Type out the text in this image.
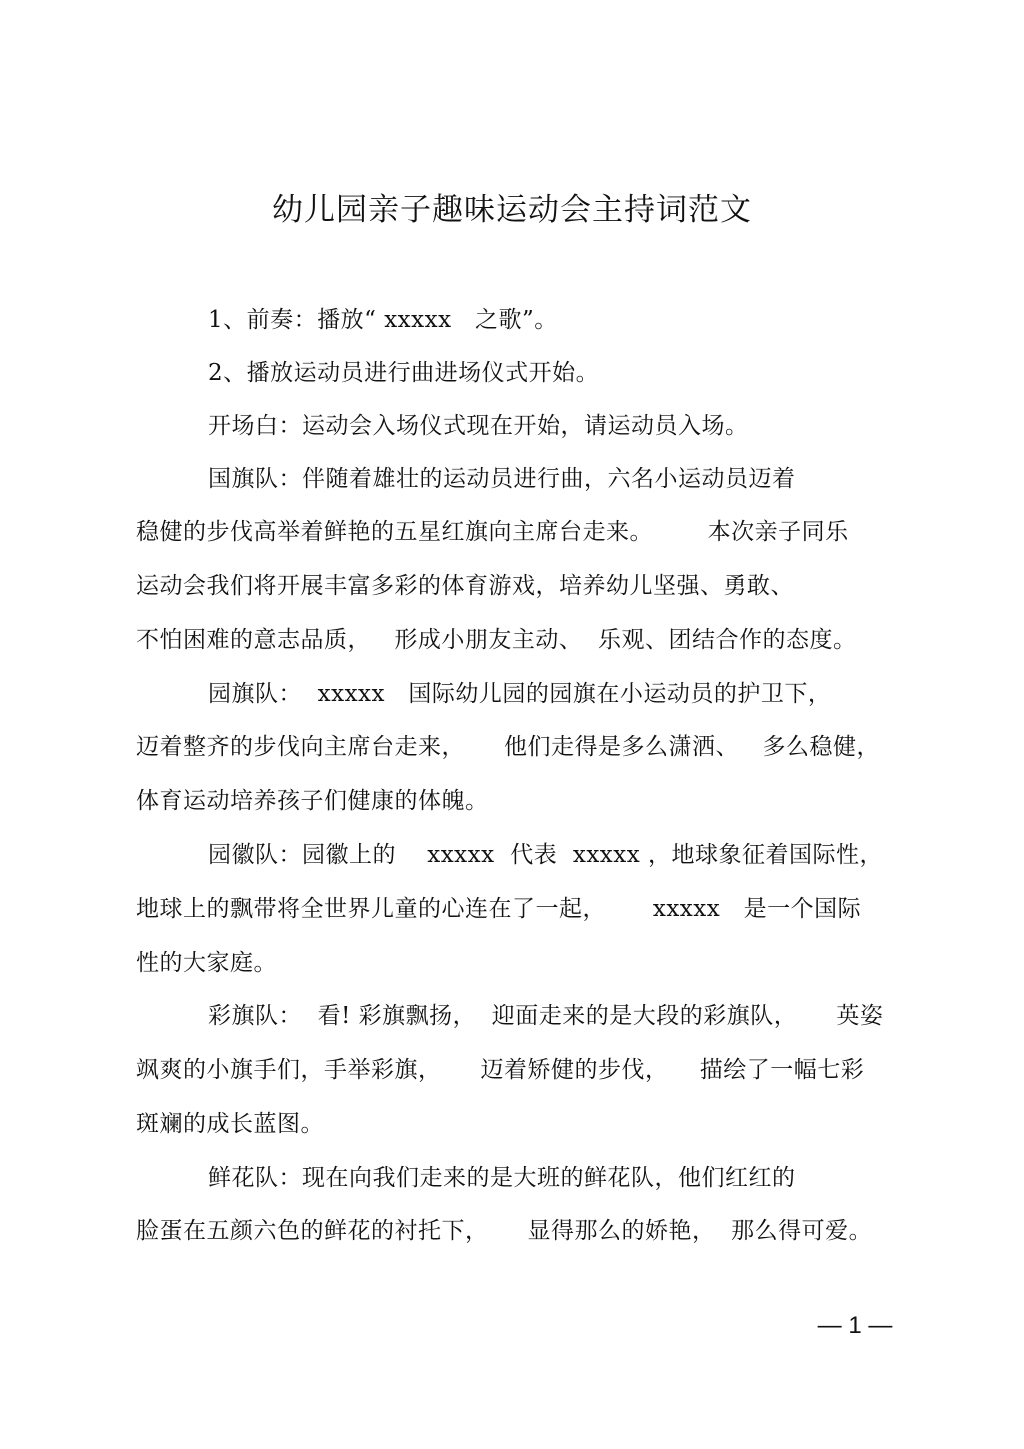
幼儿园亲子趣味运动会主持词范文
1、前奏：播放“ xxxxx   之歌”。
2、播放运动员进行曲进场仪式开始。
开场白：运动会入场仪式现在开始，请运动员入场。
国旗队：伴随着雄壮的运动员进行曲，六名小运动员迈着
稳健的步伐高举着鲜艳的五星红旗向主席台走来。       本次亲子同乐
运动会我们将开展丰富多彩的体育游戏，培养幼儿坚强、勇敢、
不怕困难的意志品质，   形成小朋友主动、  乐观、团结合作的态度。
园旗队：  xxxxx   国际幼儿园的园旗在小运动员的护卫下，
迈着整齐的步伐向主席台走来，     他们走得是多么潇洒、   多么稳健，
体育运动培养孩子们健康的体魄。
园徽队：园徽上的    xxxxx  代表  xxxxx ，地球象征着国际性，
地球上的飘带将全世界儿童的心连在了一起，      xxxxx   是一个国际
性的大家庭。
彩旗队：  看! 彩旗飘扬，  迎面走来的是大段的彩旗队，     英姿
飒爽的小旗手们，手举彩旗，     迈着矫健的步伐，    描绘了一幅七彩
斑斓的成长蓝图。
鲜花队：现在向我们走来的是大班的鲜花队，他们红红的
脸蛋在五颜六色的鲜花的衬托下，     显得那么的娇艳，  那么得可爱。
— 1 —
